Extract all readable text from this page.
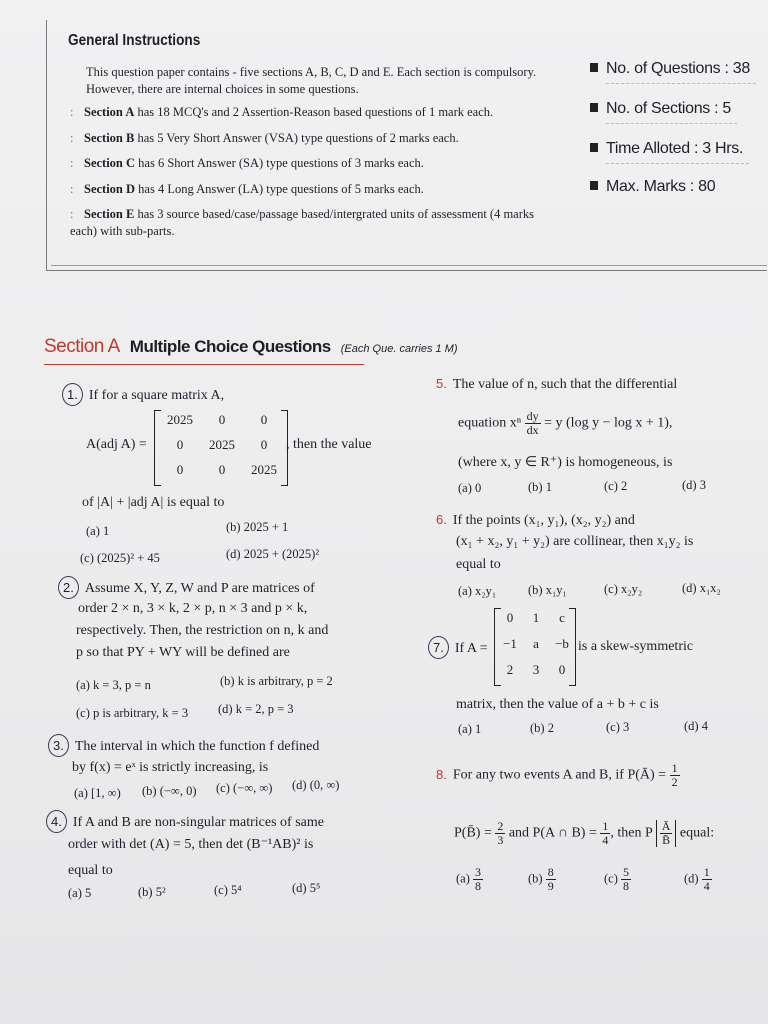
General Instructions
This question paper contains - five sections A, B, C, D and E. Each section is compulsory. However, there are internal choices in some questions.
: Section A has 18 MCQ's and 2 Assertion-Reason based questions of 1 mark each.
: Section B has 5 Very Short Answer (VSA) type questions of 2 marks each.
: Section C has 6 Short Answer (SA) type questions of 3 marks each.
: Section D has 4 Long Answer (LA) type questions of 5 marks each.
: Section E has 3 source based/case/passage based/intergrated units of assessment (4 marks each) with sub-parts.
No. of Questions : 38
No. of Sections : 5
Time Alloted : 3 Hrs.
Max. Marks : 80
Section A Multiple Choice Questions (Each Que. carries 1 M)
1. If for a square matrix A,
A(adj A) =
2025	0	0
0	2025	0
0	0	2025
, then the value
of |A| + |adj A| is equal to
(a) 1	(b) 2025 + 1
(c) (2025)² + 45	(d) 2025 + (2025)²
2. Assume X, Y, Z, W and P are matrices of
order 2 × n, 3 × k, 2 × p, n × 3 and p × k,
respectively. Then, the restriction on n, k and
p so that PY + WY will be defined are
(a) k = 3, p = n	(b) k is arbitrary, p = 2
(c) p is arbitrary, k = 3 (d) k = 2, p = 3
3. The interval in which the function f defined
by f(x) = eˣ is strictly increasing, is
(a) [1, ∞) (b) (−∞, 0) (c) (−∞, ∞) (d) (0, ∞)
4. If A and B are non-singular matrices of same
order with det (A) = 5, then det (B⁻¹AB)² is
equal to
(a) 5	(b) 5²	(c) 5⁴	(d) 5⁵
5. The value of n, such that the differential
equation xⁿ $\frac{dy}{dx} = y$ (log y − log x + 1),
(where x, y ∈ R⁺) is homogeneous, is
(a) 0	(b) 1	(c) 2	(d) 3
6. If the points (x₁, y₁), (x₂, y₂) and
(x₁ + x₂, y₁ + y₂) are collinear, then x₁y₂ is
equal to
(a) x₂y₁	(b) x₁y₁	(c) x₂y₂	(d) x₁x₂
7. If A =
0	1	c
−1	a	−b
2	3	0
is a skew-symmetric
matrix, then the value of a + b + c is
(a) 1	(b) 2	(c) 3	(d) 4
8. For any two events A and B, if P(Ā) = $\frac{1}{2}$
P(B̄) = $\frac{2}{3}$ and P(A ∩ $B) = \frac{1}{4}$ , then P $\frac{Ā}{B̄}$ equal:
$(a) \frac{3}{8}$	$(b) \frac{8}{9}$	$(c) \frac{5}{8}$	$(d) \frac{1}{4}$
